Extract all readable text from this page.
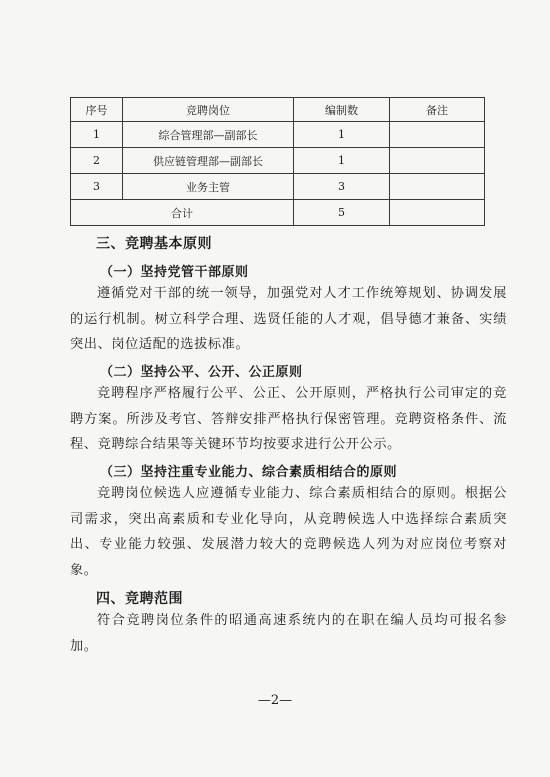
序号	竞聘岗位	编制数	备注
1	综合管理部—副部长	1	
2	供应链管理部—副部长	1	
3	业务主管	3	
合计		5	
三、竞聘基本原则
（一）坚持党管干部原则
遵循党对干部的统一领导，加强党对人才工作统筹规划、协调发展的运行机制。树立科学合理、选贤任能的人才观，倡导德才兼备、实绩突出、岗位适配的选拔标准。
（二）坚持公平、公开、公正原则
竞聘程序严格履行公平、公正、公开原则，严格执行公司审定的竞聘方案。所涉及考官、答辩安排严格执行保密管理。竞聘资格条件、流程、竞聘综合结果等关键环节均按要求进行公开公示。
（三）坚持注重专业能力、综合素质相结合的原则
竞聘岗位候选人应遵循专业能力、综合素质相结合的原则。根据公司需求，突出高素质和专业化导向，从竞聘候选人中选择综合素质突出、专业能力较强、发展潜力较大的竞聘候选人列为对应岗位考察对象。
四、竞聘范围
符合竞聘岗位条件的昭通高速系统内的在职在编人员均可报名参加。
—2—
